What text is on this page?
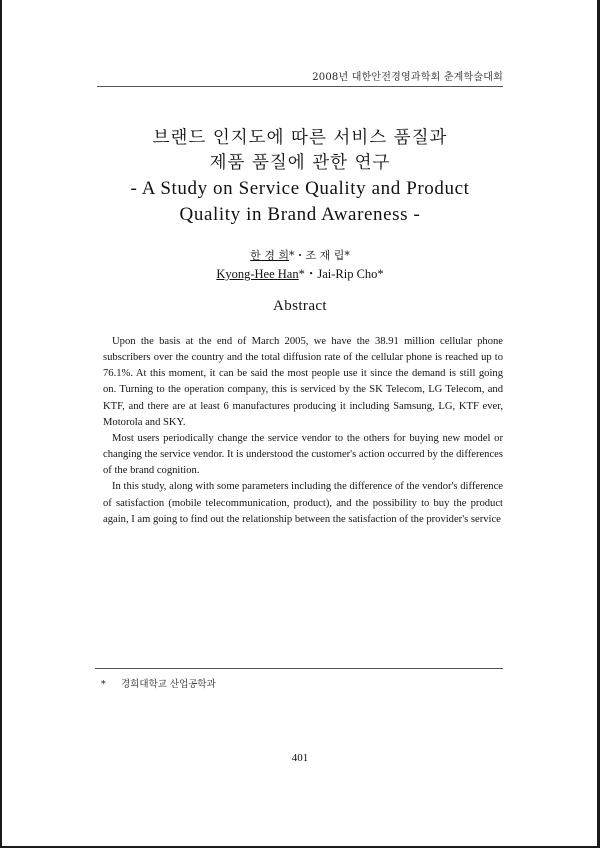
2008년 대한안전경영과학회 춘계학술대회
브랜드 인지도에 따른 서비스 품질과
제품 품질에 관한 연구
- A Study on Service Quality and Product
Quality in Brand Awareness -
한 경 희*・조 재 립*
Kyong-Hee Han*・Jai-Rip Cho*
Abstract

Upon the basis at the end of March 2005, we have the 38.91 million cellular phone subscribers over the country and the total diffusion rate of the cellular phone is reached up to 76.1%. At this moment, it can be said the most people use it since the demand is still going on. Turning to the operation company, this is serviced by the SK Telecom, LG Telecom, and KTF, and there are at least 6 manufactures producing it including Samsung, LG, KTF ever, Motorola and SKY.

Most users periodically change the service vendor to the others for buying new model or changing the service vendor. It is understood the customer's action occurred by the differences of the brand cognition.

In this study, along with some parameters including the difference of the vendor's difference of satisfaction (mobile telecommunication, product), and the possibility to buy the product again, I am going to find out the relationship between the satisfaction of the provider's service

* 경희대학교 산업공학과
401
